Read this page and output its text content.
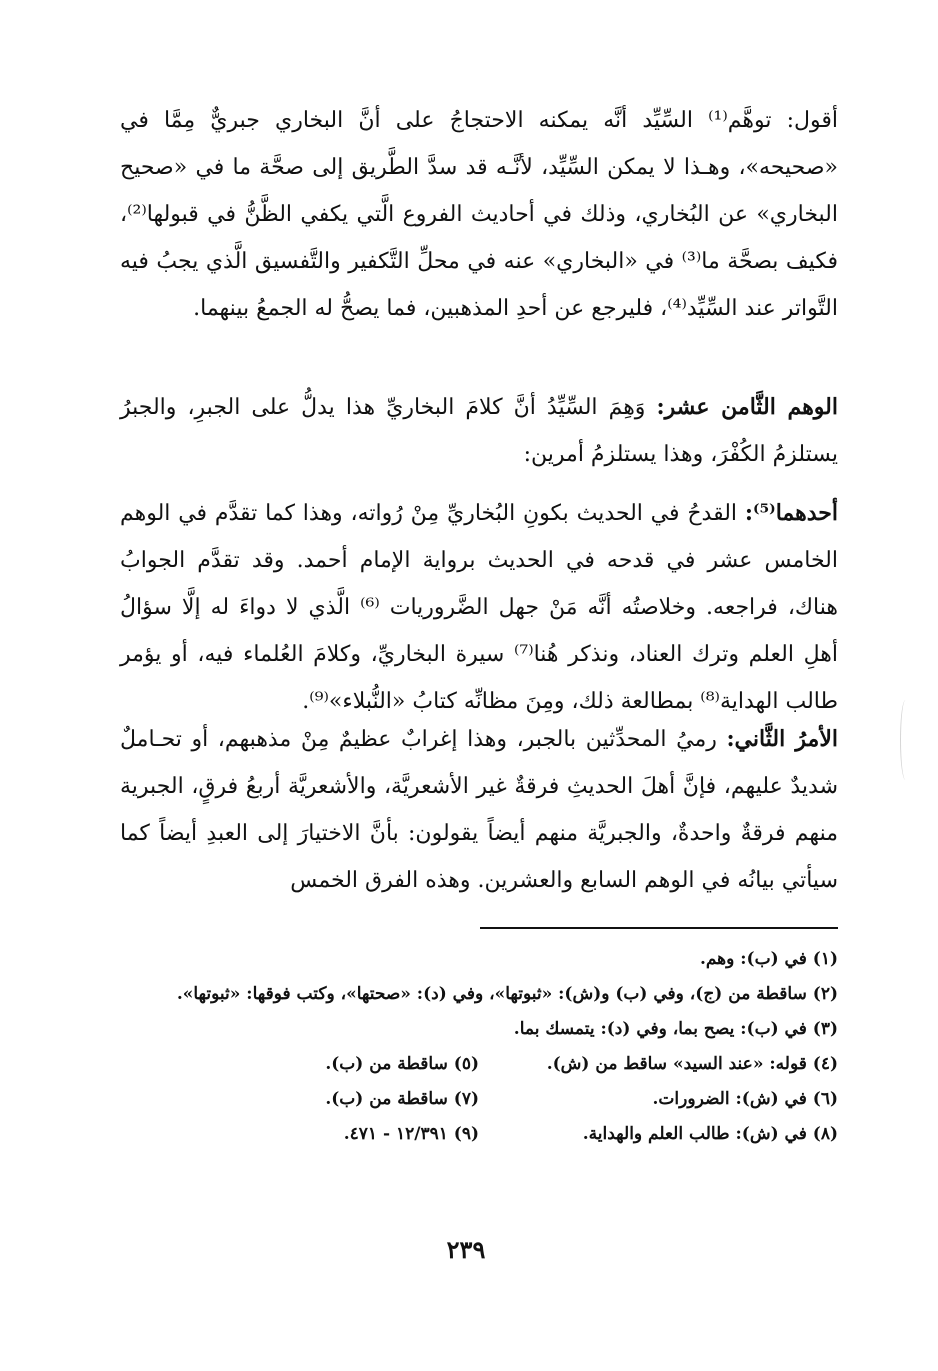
أقول: توهَّم⁽¹⁾ السِّيِّد أنَّه يمكنه الاحتجاجُ على أنَّ البخاري جبريٌّ مِمَّا في «صحيحه»، وهـذا لا يمكن السِّيِّد، لأنَّـه قد سدَّ الطَّريق إلى صحَّة ما في «صحيح البخاري» عن البُخاري، وذلك في أحاديث الفروع الَّتي يكفي الظَّنُّ في قبولها⁽²⁾، فكيف بصحَّة ما⁽³⁾ في «البخاري» عنه في محلِّ التَّكفير والتَّفسيق الَّذي يجبُ فيه التَّواتر عند السِّيِّد⁽⁴⁾، فليرجع عن أحدِ المذهبين، فما يصحُّ له الجمعُ بينهما.

الوهم الثَّامن عشر: وَهِمَ السِّيِّدُ أنَّ كلامَ البخاريِّ هذا يدلُّ على الجبرِ، والجبرُ يستلزمُ الكُفْرَ، وهذا يستلزمُ أمرين:

أحدهما⁽⁵⁾: القدحُ في الحديث بكونِ البُخاريِّ مِنْ رُواته، وهذا كما تقدَّم في الوهم الخامس عشر في قدحه في الحديث برواية الإمام أحمد. وقد تقدَّم الجوابُ هناك، فراجعه. وخلاصتُه أنَّه مَنْ جهل الضَّروريات ⁽⁶⁾ الَّذي لا دواءَ له إلَّا سؤالُ أهلِ العلم وترك العناد، ونذكر هُنا⁽⁷⁾ سيرة البخاريِّ، وكلامَ العُلماء فيه، أو يؤمر طالب الهداية⁽⁸⁾ بمطالعة ذلك، ومِنَ مظانِّه كتابُ «النُّبلاء»⁽⁹⁾.

الأمرُ الثَّاني: رميُ المحدِّثين بالجبر، وهذا إغرابٌ عظيمٌ مِنْ مذهبهم، أو تحـاملٌ شديدٌ عليهم، فإنَّ أهلَ الحديثِ فرقةٌ غير الأشعريَّة، والأشعريَّة أربعُ فرقٍ، الجبرية منهم فرقةٌ واحدةٌ، والجبريَّة منهم أيضاً يقولون: بأنَّ الاختيارَ إلى العبدِ أيضاً كما سيأتي بيانُه في الوهم السابع والعشرين. وهذه الفرق الخمس

(١) في (ب): وهم.
(٢) ساقطة من (ج)، وفي (ب) و(ش): «ثبوتها»، وفي (د): «صحتها»، وكتب فوقها: «ثبوتها».
(٣) في (ب): يصح بما، وفي (د): يتمسك بما.
(٤) قوله: «عند السيد» ساقط من (ش).
(٥) ساقطة من (ب).
(٦) في (ش): الضرورات.
(٧) ساقطة من (ب).
(٨) في (ش): طالب العلم والهداية.
(٩) ١٢/٣٩١ - ٤٧١.
٢٣٩
